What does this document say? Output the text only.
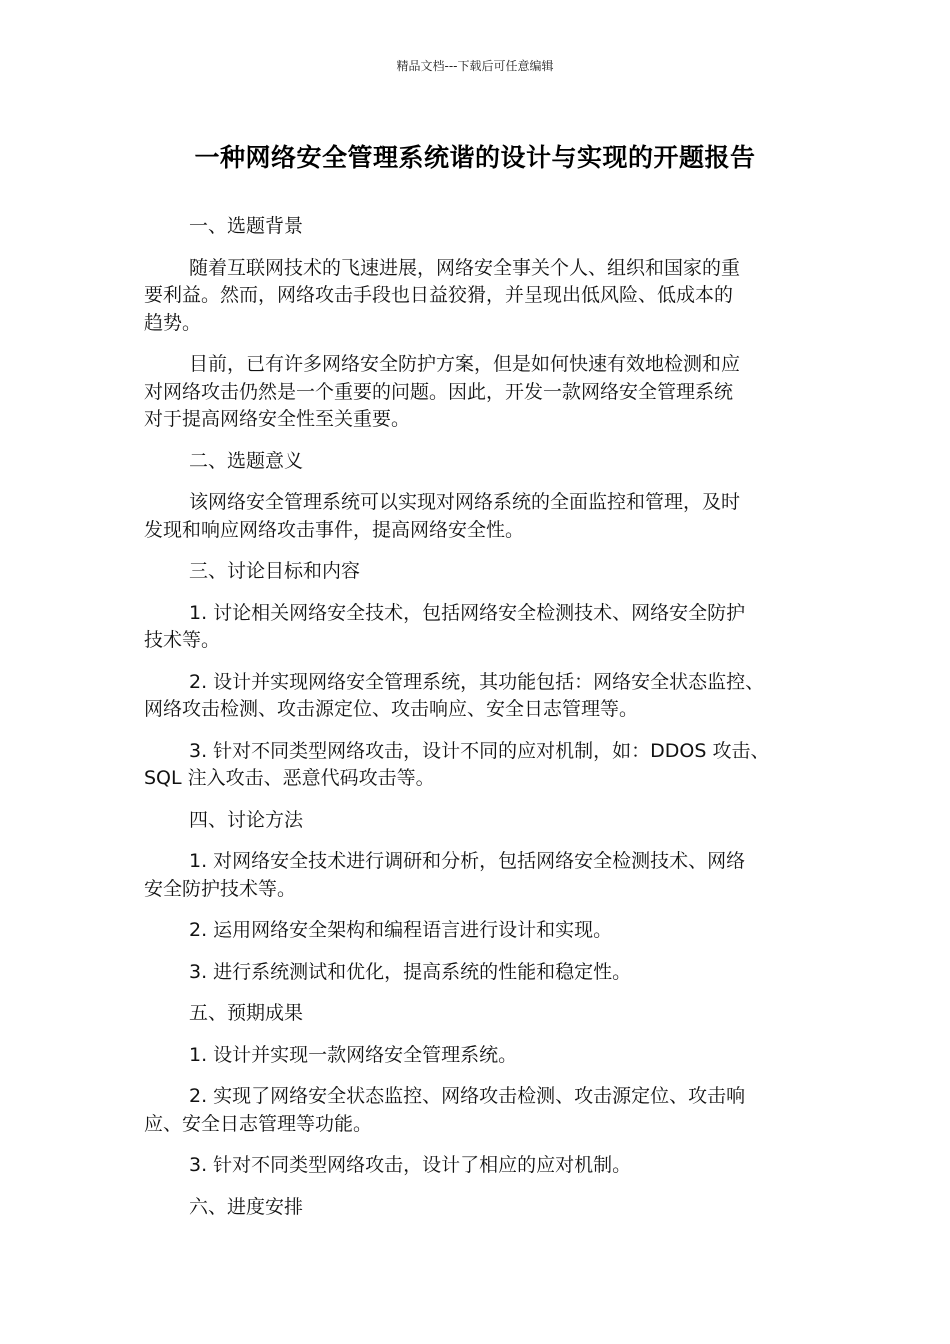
精品文档---下载后可任意编辑
一种网络安全管理系统谐的设计与实现的开题报告

一、选题背景

随着互联网技术的飞速进展，网络安全事关个人、组织和国家的重
要利益。然而，网络攻击手段也日益狡猾，并呈现出低风险、低成本的
趋势。

目前，已有许多网络安全防护方案，但是如何快速有效地检测和应
对网络攻击仍然是一个重要的问题。因此，开发一款网络安全管理系统
对于提高网络安全性至关重要。

二、选题意义

该网络安全管理系统可以实现对网络系统的全面监控和管理，及时
发现和响应网络攻击事件，提高网络安全性。

三、讨论目标和内容

1. 讨论相关网络安全技术，包括网络安全检测技术、网络安全防护
技术等。

2. 设计并实现网络安全管理系统，其功能包括：网络安全状态监控、
网络攻击检测、攻击源定位、攻击响应、安全日志管理等。

3. 针对不同类型网络攻击，设计不同的应对机制，如：DDOS 攻击、
SQL 注入攻击、恶意代码攻击等。

四、讨论方法

1. 对网络安全技术进行调研和分析，包括网络安全检测技术、网络
安全防护技术等。

2. 运用网络安全架构和编程语言进行设计和实现。

3. 进行系统测试和优化，提高系统的性能和稳定性。

五、预期成果

1. 设计并实现一款网络安全管理系统。

2. 实现了网络安全状态监控、网络攻击检测、攻击源定位、攻击响
应、安全日志管理等功能。

3. 针对不同类型网络攻击，设计了相应的应对机制。

六、进度安排
